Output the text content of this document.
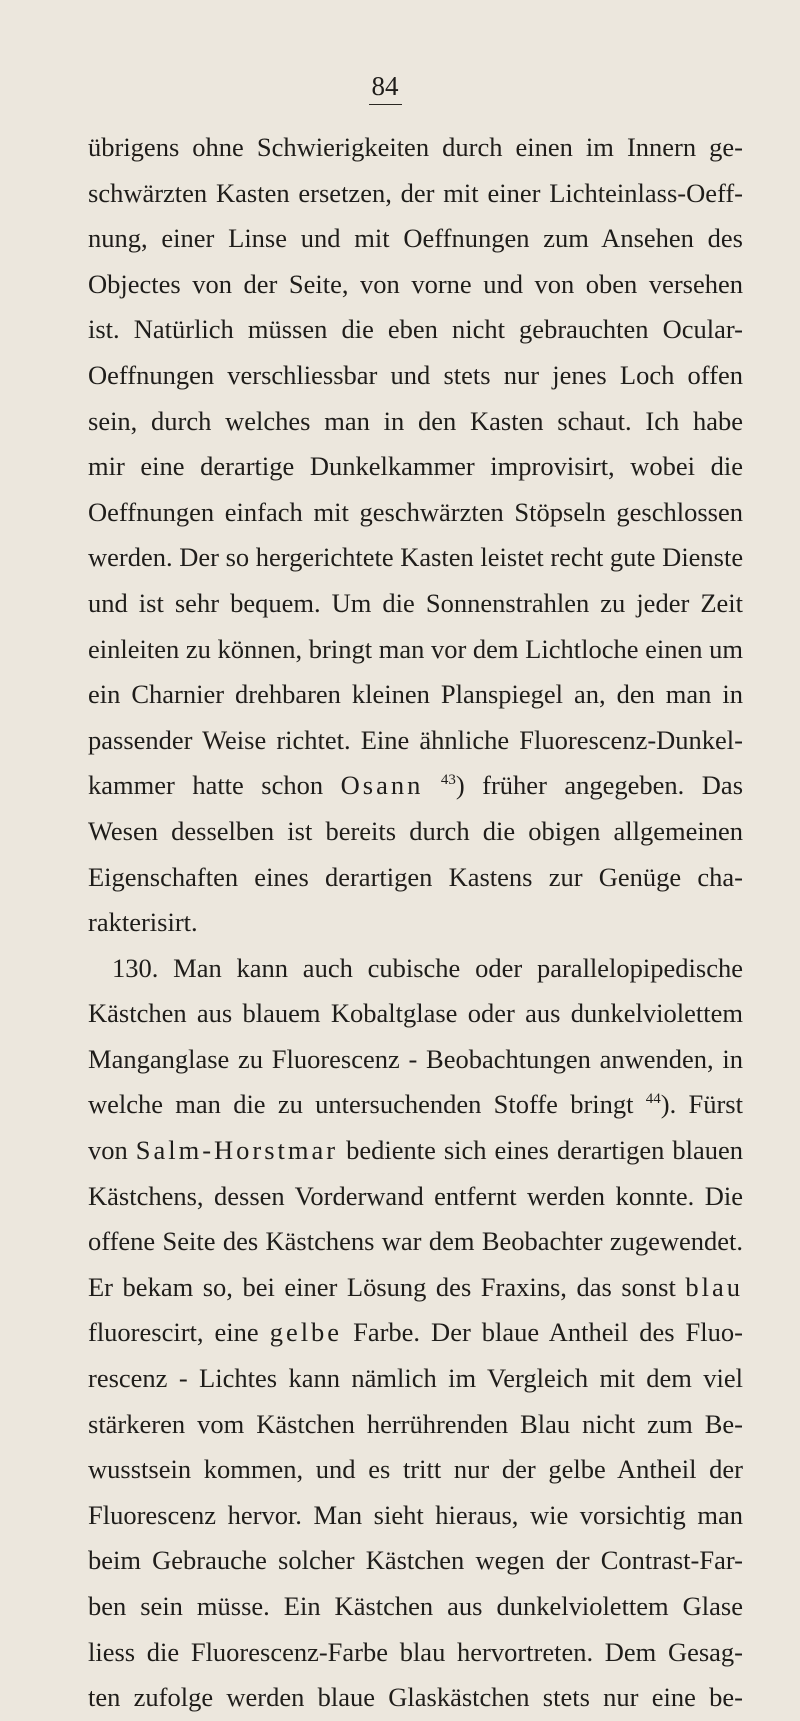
84
übrigens ohne Schwierigkeiten durch einen im Innern ge-
schwärzten Kasten ersetzen, der mit einer Lichteinlass-Oeff-
nung, einer Linse und mit Oeffnungen zum Ansehen des
Objectes von der Seite, von vorne und von oben versehen
ist. Natürlich müssen die eben nicht gebrauchten Ocular-
Oeffnungen verschliessbar und stets nur jenes Loch offen
sein, durch welches man in den Kasten schaut. Ich habe
mir eine derartige Dunkelkammer improvisirt, wobei die
Oeffnungen einfach mit geschwärzten Stöpseln geschlossen
werden. Der so hergerichtete Kasten leistet recht gute Dienste
und ist sehr bequem. Um die Sonnenstrahlen zu jeder Zeit
einleiten zu können, bringt man vor dem Lichtloche einen um
ein Charnier drehbaren kleinen Planspiegel an, den man in
passender Weise richtet. Eine ähnliche Fluorescenz-Dunkel-
kammer hatte schon Osann $^{43}$) früher angegeben. Das
Wesen desselben ist bereits durch die obigen allgemeinen
Eigenschaften eines derartigen Kastens zur Genüge cha-
rakterisirt.
130. Man kann auch cubische oder parallelopipedische
Kästchen aus blauem Kobaltglase oder aus dunkelviolettem
Manganglase zu Fluorescenz - Beobachtungen anwenden, in
welche man die zu untersuchenden Stoffe bringt $^{44}$). Fürst
von Salm-Horstmar bediente sich eines derartigen blauen
Kästchens, dessen Vorderwand entfernt werden konnte. Die
offene Seite des Kästchens war dem Beobachter zugewendet.
Er bekam so, bei einer Lösung des Fraxins, das sonst blau
fluorescirt, eine gelbe Farbe. Der blaue Antheil des Fluo-
rescenz - Lichtes kann nämlich im Vergleich mit dem viel
stärkeren vom Kästchen herrührenden Blau nicht zum Be-
wusstsein kommen, und es tritt nur der gelbe Antheil der
Fluorescenz hervor. Man sieht hieraus, wie vorsichtig man
beim Gebrauche solcher Kästchen wegen der Contrast-Far-
ben sein müsse. Ein Kästchen aus dunkelviolettem Glase
liess die Fluorescenz-Farbe blau hervortreten. Dem Gesag-
ten zufolge werden blaue Glaskästchen stets nur eine be-
